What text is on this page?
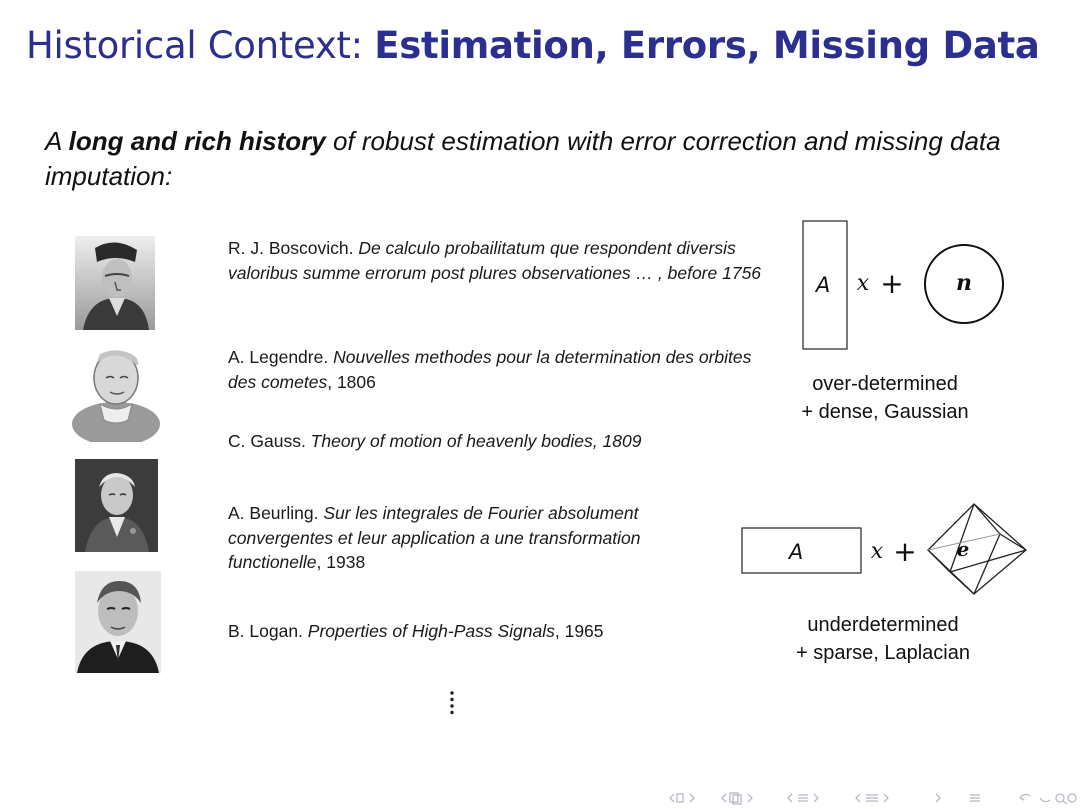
Historical Context: Estimation, Errors, Missing Data
A long and rich history of robust estimation with error correction and missing data imputation:
R. J. Boscovich. De calculo probailitatum que respondent diversis valoribus summe errorum post plures observationes … , before 1756
A. Legendre. Nouvelles methodes pour la determination des orbites des cometes, 1806
C. Gauss. Theory of motion of heavenly bodies, 1809
A. Beurling. Sur les integrales de Fourier absolument convergentes et leur application a une transformation functionelle, 1938
B. Logan. Properties of High-Pass Signals, 1965
A x + n
over-determined
+ dense, Gaussian
A	x + e
underdetermined
+ sparse, Laplacian
